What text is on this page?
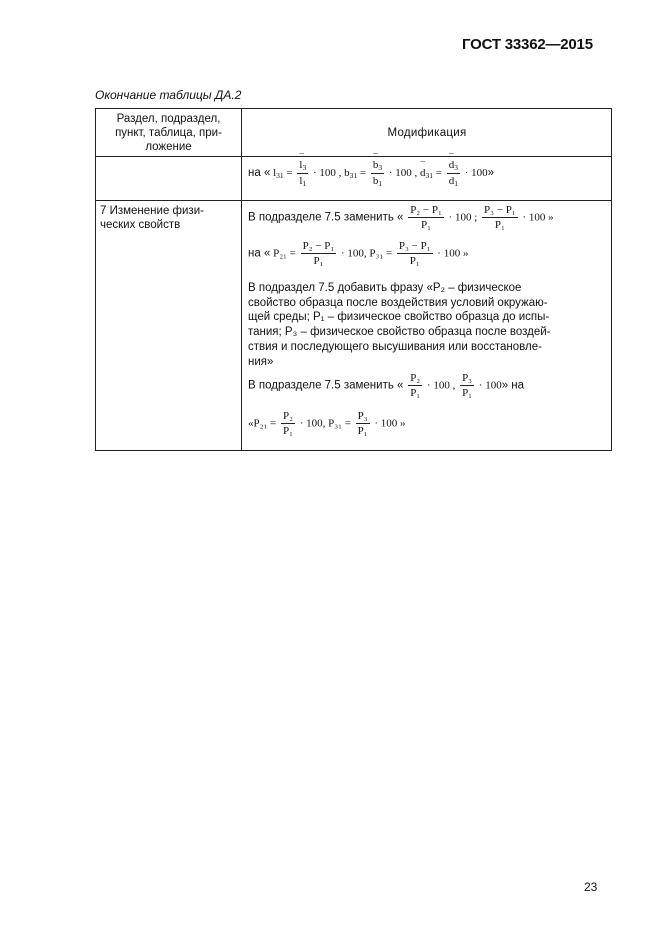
ГОСТ 33362—2015
Окончание таблицы ДА.2
Раздел, подраздел,
пункт, таблица, при-
ложение
Модификация
на « $l_{31}$ = ¯ $\frac{l_3}{l_1} \cdot 100$ , $b_{31}$ = ¯ $\frac{b_3}{b_1} \cdot 100$ , ¯ $d_{31}$ = ¯ $\frac{d_3}{d_1} \cdot 100$»
7 Изменение физи-
ческих свойств
В подразделе 7.5 заменить « $\frac{\text{P₂ − P₁}}{\text{P₁}} \cdot 100$ ; $\frac{\text{P₃ − P₁}}{\text{P₁}} \cdot 100$ »
на « $P_{21} = \frac{\text{P₂ − P₁}}{\text{P₁}} \cdot 100$, $P_{31} = \frac{\text{P₃ − P₁}}{\text{P₁}} \cdot 100$ »
В подраздел 7.5 добавить фразу «P₂ – физическое
свойство образца после воздействия условий окружаю-
щей среды; P₁ – физическое свойство образца до испы-
тания; P₃ – физическое свойство образца после воздей-
ствия и последующего высушивания или восстановле-
ния»
В подразделе 7.5 заменить « $\frac{\text{P₂}}{\text{P₁}} \cdot 100$ , $\frac{\text{P₃}}{\text{P₁}} \cdot 100$» на
«$P_{21} = \frac{\text{P₂}}{\text{P₁}} \cdot 100$, $P_{31} = \frac{\text{P₃}}{\text{P₁}} \cdot 100$ »
23
